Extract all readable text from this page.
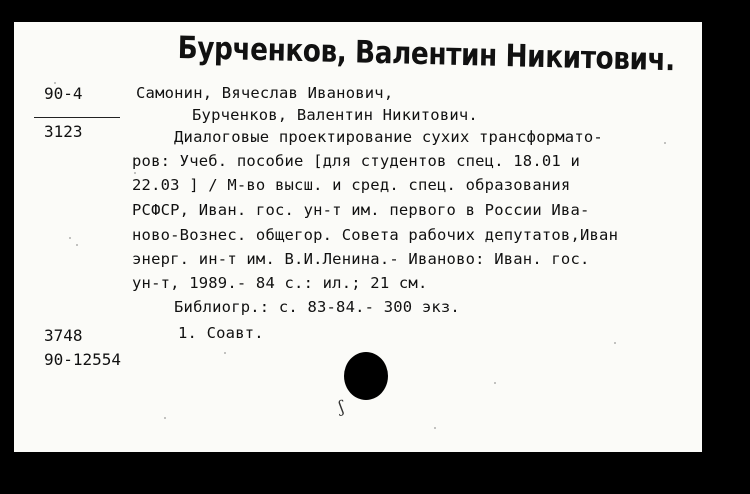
Бурченков, Валентин Никитович.
90-4
3123
Самонин, Вячеслав Иванович,
Бурченков, Валентин Никитович.
Диалоговые проектирование сухих трансформато-
ров: Учеб. пособие [для студентов спец. 18.01 и
22.03 ] / М-во высш. и сред. спец. образования
РСФСР, Иван. гос. ун-т им. первого в России Ива-
ново-Вознес. общегор. Совета рабочих депутатов,Иван
энерг. ин-т им. В.И.Ленина.- Иваново: Иван. гос.
ун-т, 1989.- 84 с.: ил.; 21 см.
Библиогр.: с. 83-84.- 300 экз.
1. Соавт.
3748
90-12554
ʃ
